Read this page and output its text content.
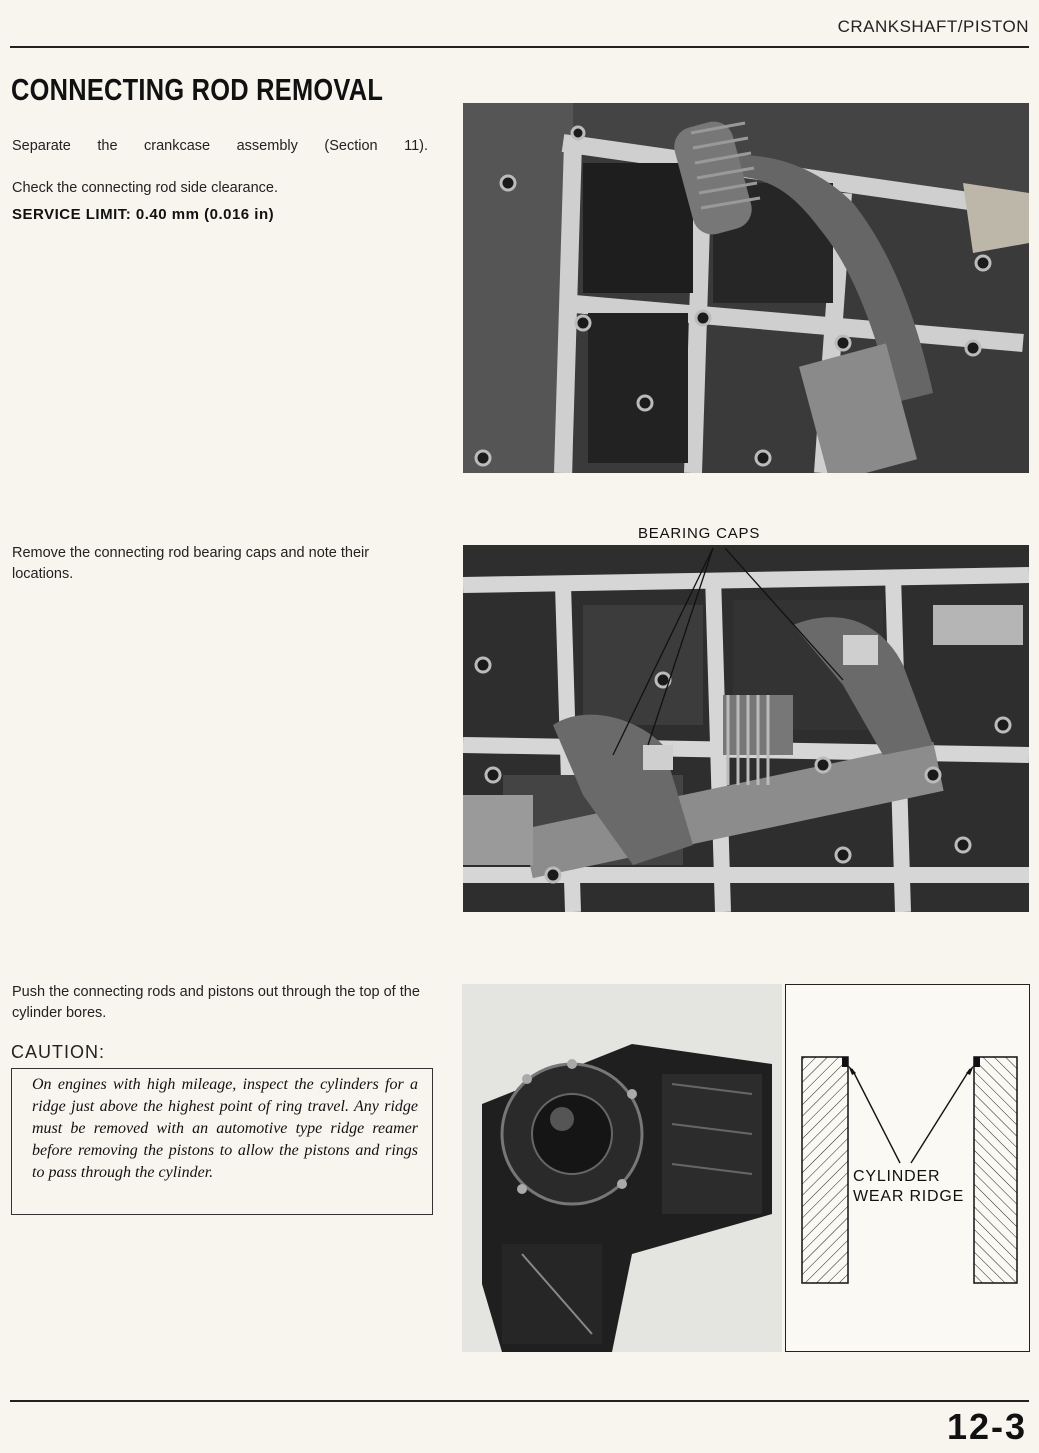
CRANKSHAFT/PISTON
CONNECTING ROD REMOVAL
Separate the crankcase assembly (Section 11).
Check the connecting rod side clearance.
SERVICE LIMIT: 0.40 mm (0.016 in)
Remove the connecting rod bearing caps and note their locations.
BEARING CAPS
Push the connecting rods and pistons out through the top of the cylinder bores.
CAUTION:
On engines with high mileage, inspect the cylinders for a ridge just above the highest point of ring travel. Any ridge must be removed with an automotive type ridge reamer before removing the pistons to allow the pistons and rings to pass through the cylinder.	CYLINDER
WEAR RIDGE
12-3
